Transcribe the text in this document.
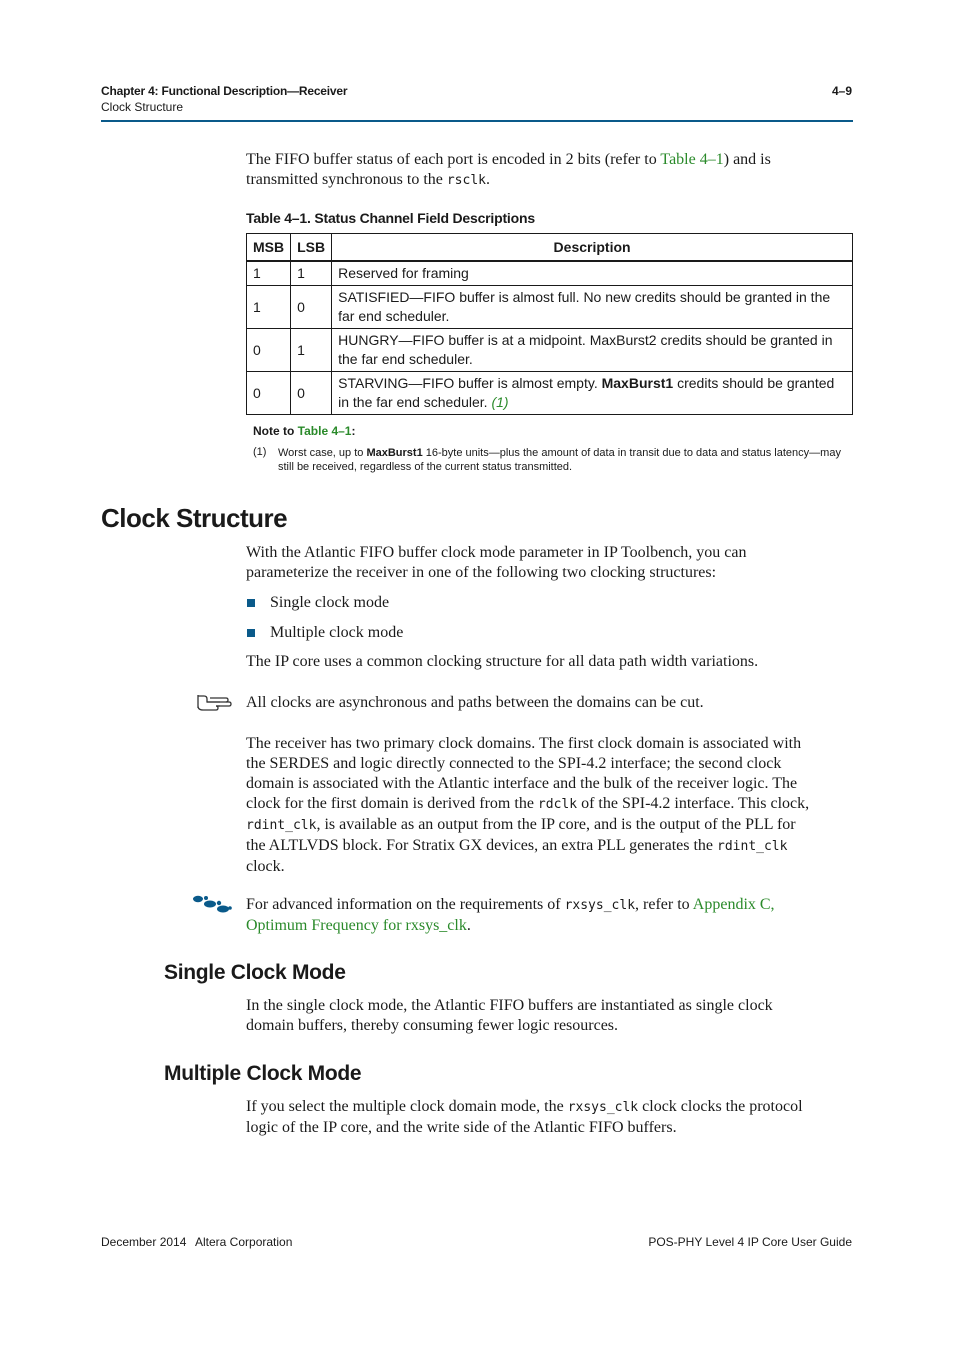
Chapter 4: Functional Description—Receiver
Clock Structure
4–9
The FIFO buffer status of each port is encoded in 2 bits (refer to Table 4–1) and is
transmitted synchronous to the rsclk.
Table 4–1. Status Channel Field Descriptions
MSB	LSB	Description
1	1	Reserved for framing
1	0	SATISFIED—FIFO buffer is almost full. No new credits should be granted in the far end scheduler.
0	1	HUNGRY—FIFO buffer is at a midpoint. MaxBurst2 credits should be granted in the far end scheduler.
0	0	STARVING—FIFO buffer is almost empty. MaxBurst1 credits should be granted in the far end scheduler. (1)
Note to Table 4–1:
(1) Worst case, up to MaxBurst1 16-byte units—plus the amount of data in transit due to data and status latency—may still be received, regardless of the current status transmitted.
Clock Structure
With the Atlantic FIFO buffer clock mode parameter in IP Toolbench, you can
parameterize the receiver in one of the following two clocking structures:
Single clock mode
Multiple clock mode
The IP core uses a common clocking structure for all data path width variations.
All clocks are asynchronous and paths between the domains can be cut.
The receiver has two primary clock domains. The first clock domain is associated with
the SERDES and logic directly connected to the SPI-4.2 interface; the second clock
domain is associated with the Atlantic interface and the bulk of the receiver logic. The
clock for the first domain is derived from the rdclk of the SPI-4.2 interface. This clock,
rdint_clk, is available as an output from the IP core, and is the output of the PLL for
the ALTLVDS block. For Stratix GX devices, an extra PLL generates the rdint_clk
clock.
For advanced information on the requirements of rxsys_clk, refer to Appendix C,
Optimum Frequency for rxsys_clk.
Single Clock Mode
In the single clock mode, the Atlantic FIFO buffers are instantiated as single clock
domain buffers, thereby consuming fewer logic resources.
Multiple Clock Mode
If you select the multiple clock domain mode, the rxsys_clk clock clocks the protocol
logic of the IP core, and the write side of the Atlantic FIFO buffers.
December 2014 Altera Corporation	POS-PHY Level 4 IP Core User Guide
